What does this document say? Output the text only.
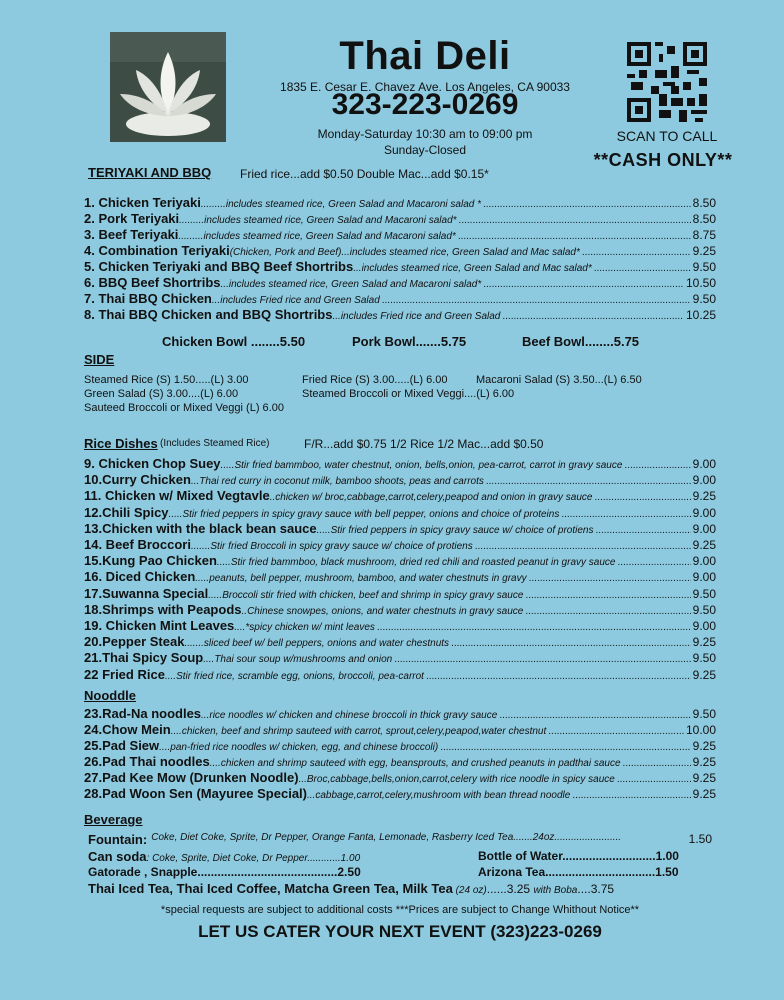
Thai Deli
1835 E. Cesar E. Chavez Ave. Los Angeles, CA 90033
323-223-0269
Monday-Saturday 10:30 am to 09:00 pm
Sunday-Closed
SCAN TO CALL
**CASH ONLY**
TERIYAKI AND BBQ Fried rice...add $0.50 Double Mac...add $0.15*
1. Chicken Teriyaki ......... includes steamed rice, Green Salad and Macaroni salad * .....	8.50
2. Pork Teriyaki ......... includes steamed rice, Green Salad and Macaroni salad* .....	8.50
3. Beef Teriyaki ......... includes steamed rice, Green Salad and Macaroni salad* .....	8.75
4. Combination Teriyaki (Chicken, Pork and Beef)... includes steamed rice, Green Salad and Mac salad* .....	9.25
5. Chicken Teriyaki and BBQ Beef Shortribs ... includes steamed rice, Green Salad and Mac salad* .....	9.50
6. BBQ Beef Shortribs ... includes steamed rice, Green Salad and Macaroni salad* .....	10.50
7. Thai BBQ Chicken ... includes Fried rice and Green Salad .....	9.50
8. Thai BBQ Chicken and BBQ Shortribs ... includes Fried rice and Green Salad .....	10.25
Chicken Bowl ........5.50	Pork Bowl.......5.75	Beef Bowl........5.75
SIDE
Steamed Rice (S) 1.50.....(L) 3.00	Fried Rice (S) 3.00.....(L) 6.00	Macaroni Salad (S) 3.50...(L) 6.50
Green Salad (S) 3.00....(L) 6.00	Steamed Broccoli or Mixed Veggi....(L) 6.00
Sauteed Broccoli or Mixed Veggi (L) 6.00
Rice Dishes (Includes Steamed Rice)	F/R...add $0.75 1/2 Rice 1/2 Mac...add $0.50
9. Chicken Chop Suey ..... Stir fried bammboo, water chestnut, onion, bells,onion, pea-carrot, carrot in gravy sauce .....	9.00
10.Curry Chicken ... Thai red curry in coconut milk, bamboo shoots, peas and carrots .....	9.00
11. Chicken w/ Mixed Vegtavle .. chicken w/ broc,cabbage,carrot,celery,peapod and onion in gravy sauce .....	9.25
12.Chili Spicy ..... Stir fried peppers in spicy gravy sauce with bell pepper, onions and choice of proteins .....	9.00
13.Chicken with the black bean sauce ..... Stir fried peppers in spicy gravy sauce w/ choice of protiens .....	9.00
14. Beef Broccori ....... Stir fried Broccoli in spicy gravy sauce w/ choice of protiens .....	9.25
15.Kung Pao Chicken ..... Stir fried bammboo, black mushroom, dried red chili and roasted peanut in gravy sauce .....	9.00
16. Diced Chicken ..... peanuts, bell pepper, mushroom, bamboo, and water chestnuts in gravy .....	9.00
17.Suwanna Special ..... Broccoli stir fried with chicken, beef and shrimp in spicy gravy sauce .....	9.50
18.Shrimps with Peapods .. Chinese snowpes, onions, and water chestnuts in gravy sauce .....	9.50
19. Chicken Mint Leaves .... *spicy chicken w/ mint leaves .....	9.00
20.Pepper Steak ....... sliced beef w/ bell peppers, onions and water chestnuts .....	9.25
21.Thai Spicy Soup .... Thai sour soup w/mushrooms and onion .....	9.50
22 Fried Rice .... Stir fried rice, scramble egg, onions, broccoli, pea-carrot .....	9.25
Nooddle
23.Rad-Na noodles ... rice noodles w/ chicken and chinese broccoli in thick gravy sauce .....	9.50
24.Chow Mein .... chicken, beef and shrimp sauteed with carrot, sprout,celery,peapod,water chestnut .....	10.00
25.Pad Siew .... pan-fried rice noodles w/ chicken, egg, and chinese broccoli) .....	9.25
26.Pad Thai noodles .... chicken and shrimp sauteed with egg, beansprouts, and crushed peanuts in padthai sauce .....	9.25
27.Pad Kee Mow (Drunken Noodle) ... Broc,cabbage,bells,onion,carrot,celery with rice noodle in spicy sauce .....	9.25
28.Pad Woon Sen (Mayuree Special) ... cabbage,carrot,celery,mushroom with bean thread noodle .....	9.25
Beverage
Fountain: Coke, Diet Coke, Sprite, Dr Pepper, Orange Fanta, Lemonade, Rasberry Iced Tea.......24oz........................	1.50
Can soda: Coke, Sprite, Diet Coke, Dr Pepper............1.00	Bottle of Water............................1.00
Gatorade , Snapple..........................................2.50	Arizona Tea.................................1.50
Thai Iced Tea, Thai Iced Coffee, Matcha Green Tea, Milk Tea (24 oz)......3.25 with Boba....3.75
*special requests are subject to additional costs ***Prices are subject to Change Whithout Notice**
LET US CATER YOUR NEXT EVENT (323)223-0269
